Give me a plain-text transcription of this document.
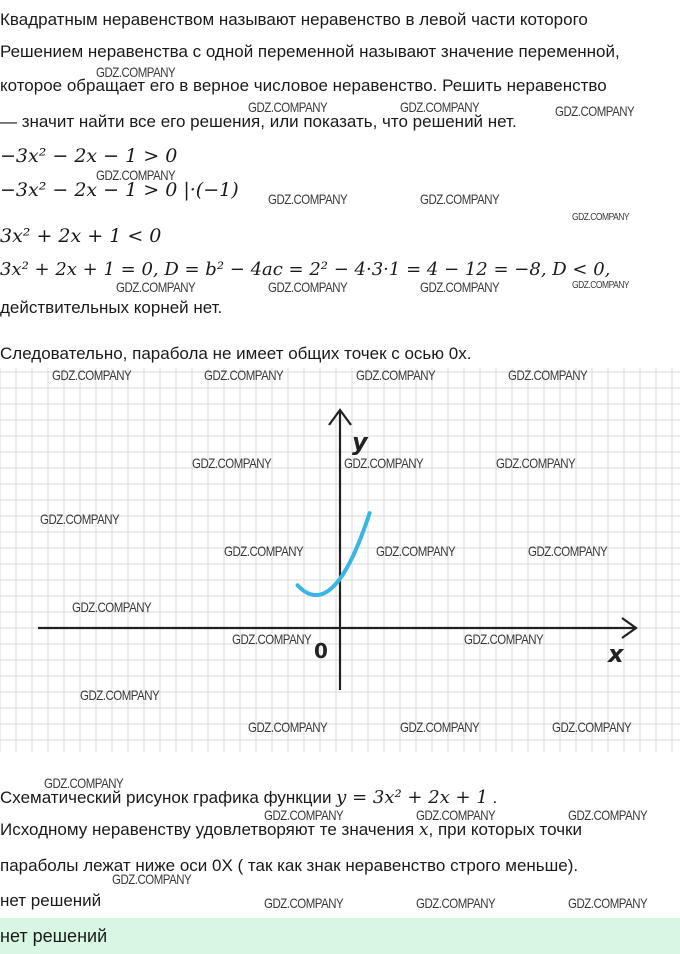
Квадратным неравенством называют неравенство в левой части которого
Решением неравенства с одной переменной называют значение переменной,
которое обращает его в верное числовое неравенство. Решить неравенство
— значит найти все его решения, или показать, что решений нет.
−3x² − 2x − 1 > 0
−3x² − 2x − 1 > 0 |·(−1)
3x² + 2x + 1 < 0
3x² + 2x + 1 = 0, D = b² − 4ac = 2² − 4·3·1 = 4 − 12 = −8, D < 0,
действительных корней нет.
Следовательно, парабола не имеет общих точек с осью 0x.
y
x
0
Схематический рисунок графика функции y = 3x² + 2x + 1 .
Исходному неравенству удовлетворяют те значения x, при которых точки
параболы лежат ниже оси 0X ( так как знак неравенство строго меньше).
нет решений
нет решений
GDZ.COMPANY
GDZ.COMPANY	GDZ.COMPANY	GDZ.COMPANY
GDZ.COMPANY
GDZ.COMPANY	GDZ.COMPANY
GDZ.COMPANY
GDZ.COMPANY	GDZ.COMPANY	GDZ.COMPANY	GDZ.COMPANY
GDZ.COMPANY	GDZ.COMPANY	GDZ.COMPANY	GDZ.COMPANY
GDZ.COMPANY	GDZ.COMPANY	GDZ.COMPANY
GDZ.COMPANY
GDZ.COMPANY	GDZ.COMPANY	GDZ.COMPANY
GDZ.COMPANY
GDZ.COMPANY	GDZ.COMPANY
GDZ.COMPANY
GDZ.COMPANY	GDZ.COMPANY	GDZ.COMPANY
GDZ.COMPANY
GDZ.COMPANY	GDZ.COMPANY	GDZ.COMPANY
GDZ.COMPANY
GDZ.COMPANY	GDZ.COMPANY	GDZ.COMPANY
